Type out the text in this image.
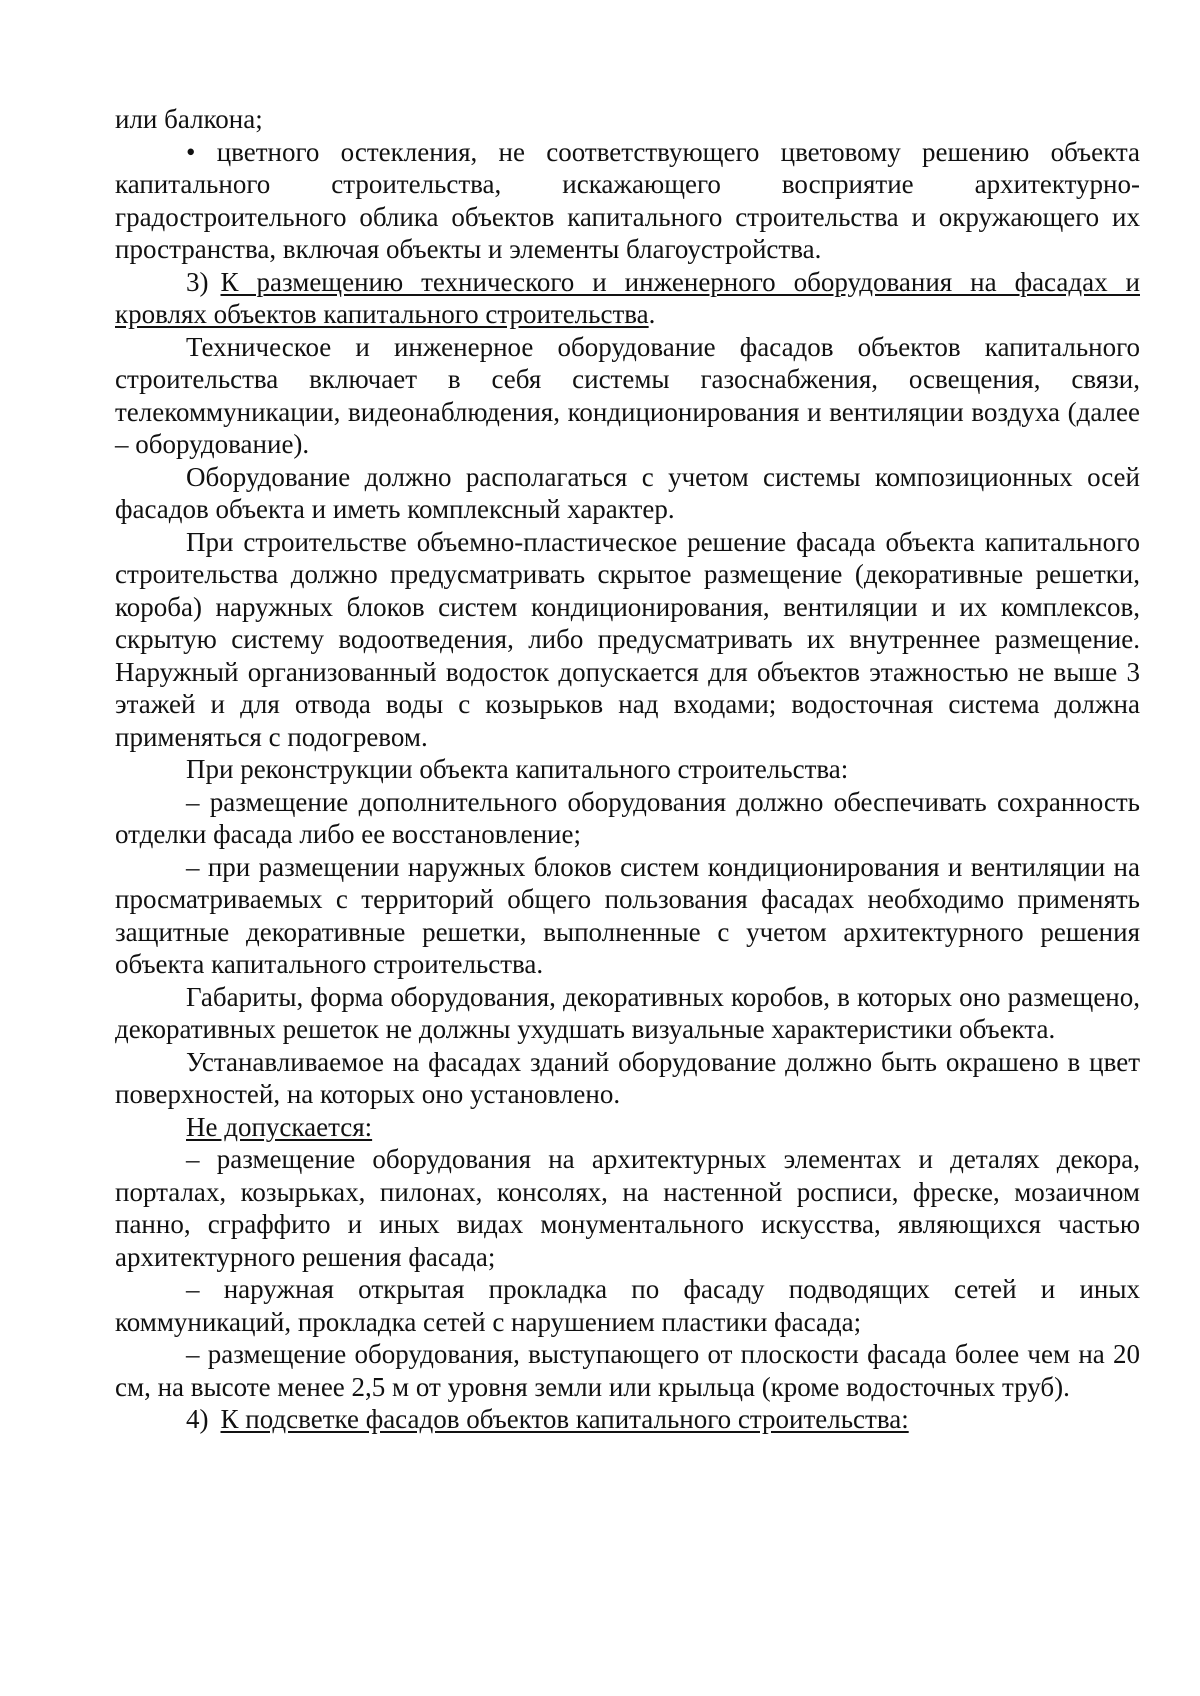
или балкона;

• цветного остекления, не соответствующего цветовому решению объекта капитального строительства, искажающего восприятие архитектурно-градостроительного облика объектов капитального строительства и окружающего их пространства, включая объекты и элементы благоустройства.

3) К размещению технического и инженерного оборудования на фасадах и кровлях объектов капитального строительства.

Техническое и инженерное оборудование фасадов объектов капитального строительства включает в себя системы газоснабжения, освещения, связи, телекоммуникации, видеонаблюдения, кондиционирования и вентиляции воздуха (далее – оборудование).

Оборудование должно располагаться с учетом системы композиционных осей фасадов объекта и иметь комплексный характер.

При строительстве объемно-пластическое решение фасада объекта капитального строительства должно предусматривать скрытое размещение (декоративные решетки, короба) наружных блоков систем кондиционирования, вентиляции и их комплексов, скрытую систему водоотведения, либо предусматривать их внутреннее размещение. Наружный организованный водосток допускается для объектов этажностью не выше 3 этажей и для отвода воды с козырьков над входами; водосточная система должна применяться с подогревом.

При реконструкции объекта капитального строительства:

– размещение дополнительного оборудования должно обеспечивать сохранность отделки фасада либо ее восстановление;

– при размещении наружных блоков систем кондиционирования и вентиляции на просматриваемых с территорий общего пользования фасадах необходимо применять защитные декоративные решетки, выполненные с учетом архитектурного решения объекта капитального строительства.

Габариты, форма оборудования, декоративных коробов, в которых оно размещено, декоративных решеток не должны ухудшать визуальные характеристики объекта.

Устанавливаемое на фасадах зданий оборудование должно быть окрашено в цвет поверхностей, на которых оно установлено.

Не допускается:

– размещение оборудования на архитектурных элементах и деталях декора, порталах, козырьках, пилонах, консолях, на настенной росписи, фреске, мозаичном панно, сграффито и иных видах монументального искусства, являющихся частью архитектурного решения фасада;

– наружная открытая прокладка по фасаду подводящих сетей и иных коммуникаций, прокладка сетей с нарушением пластики фасада;

– размещение оборудования, выступающего от плоскости фасада более чем на 20 см, на высоте менее 2,5 м от уровня земли или крыльца (кроме водосточных труб).

4) К подсветке фасадов объектов капитального строительства:
